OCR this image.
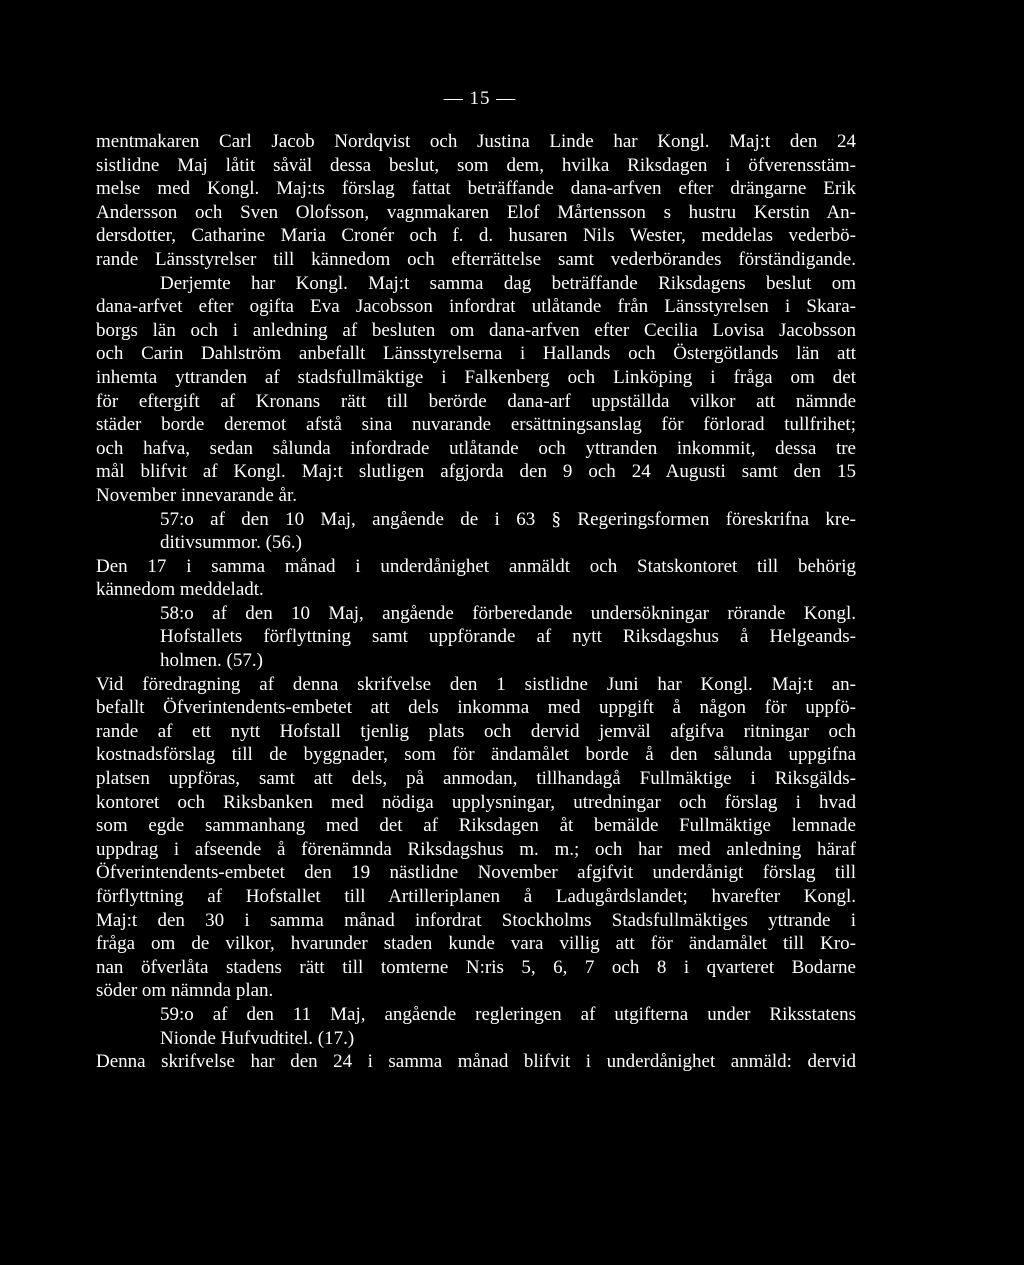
— 15 —
mentmakaren Carl Jacob Nordqvist och Justina Linde har Kongl. Maj:t den 24
sistlidne Maj låtit såväl dessa beslut, som dem, hvilka Riksdagen i öfverensstäm-
melse med Kongl. Maj:ts förslag fattat beträffande dana-arfven efter drängarne Erik
Andersson och Sven Olofsson, vagnmakaren Elof Mårtensson s hustru Kerstin An-
dersdotter, Catharine Maria Cronér och f. d. husaren Nils Wester, meddelas vederbö-
rande Länsstyrelser till kännedom och efterrättelse samt vederbörandes förständigande.
Derjemte har Kongl. Maj:t samma dag beträffande Riksdagens beslut om
dana-arfvet efter ogifta Eva Jacobsson infordrat utlåtande från Länsstyrelsen i Skara-
borgs län och i anledning af besluten om dana-arfven efter Cecilia Lovisa Jacobsson
och Carin Dahlström anbefallt Länsstyrelserna i Hallands och Östergötlands län att
inhemta yttranden af stadsfullmäktige i Falkenberg och Linköping i fråga om det
för eftergift af Kronans rätt till berörde dana-arf uppställda vilkor att nämnde
städer borde deremot afstå sina nuvarande ersättningsanslag för förlorad tullfrihet;
och hafva, sedan sålunda infordrade utlåtande och yttranden inkommit, dessa tre
mål blifvit af Kongl. Maj:t slutligen afgjorda den 9 och 24 Augusti samt den 15
November innevarande år.
57:o af den 10 Maj, angående de i 63 § Regeringsformen föreskrifna kre-
ditivsummor. (56.)
Den 17 i samma månad i underdånighet anmäldt och Statskontoret till behörig
kännedom meddeladt.
58:o af den 10 Maj, angående förberedande undersökningar rörande Kongl.
Hofstallets förflyttning samt uppförande af nytt Riksdagshus å Helgeands-
holmen. (57.)
Vid föredragning af denna skrifvelse den 1 sistlidne Juni har Kongl. Maj:t an-
befallt Öfverintendents-embetet att dels inkomma med uppgift å någon för uppfö-
rande af ett nytt Hofstall tjenlig plats och dervid jemväl afgifva ritningar och
kostnadsförslag till de byggnader, som för ändamålet borde å den sålunda uppgifna
platsen uppföras, samt att dels, på anmodan, tillhandagå Fullmäktige i Riksgälds-
kontoret och Riksbanken med nödiga upplysningar, utredningar och förslag i hvad
som egde sammanhang med det af Riksdagen åt bemälde Fullmäktige lemnade
uppdrag i afseende å förenämnda Riksdagshus m. m.; och har med anledning häraf
Öfverintendents-embetet den 19 nästlidne November afgifvit underdånigt förslag till
förflyttning af Hofstallet till Artilleriplanen å Ladugårdslandet; hvarefter Kongl.
Maj:t den 30 i samma månad infordrat Stockholms Stadsfullmäktiges yttrande i
fråga om de vilkor, hvarunder staden kunde vara villig att för ändamålet till Kro-
nan öfverlåta stadens rätt till tomterne N:ris 5, 6, 7 och 8 i qvarteret Bodarne
söder om nämnda plan.
59:o af den 11 Maj, angående regleringen af utgifterna under Riksstatens
Nionde Hufvudtitel. (17.)
Denna skrifvelse har den 24 i samma månad blifvit i underdånighet anmäld: dervid
